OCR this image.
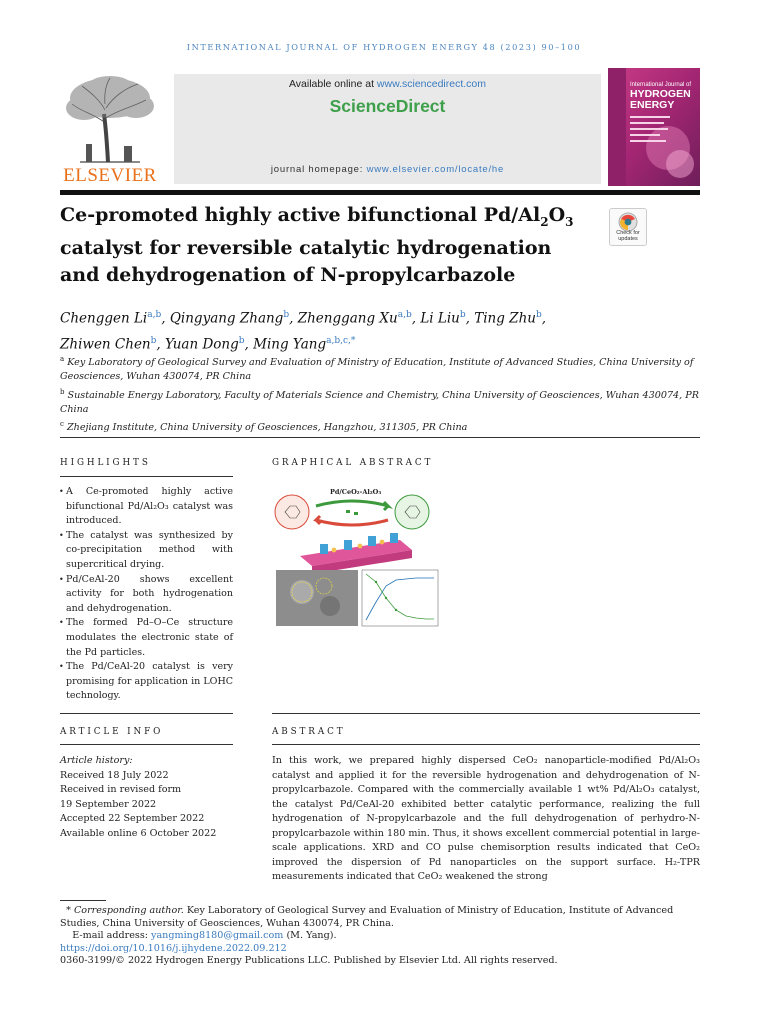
INTERNATIONAL JOURNAL OF HYDROGEN ENERGY 48 (2023) 90–100
ELSEVIER
Available online at www.sciencedirect.com
ScienceDirect
journal homepage: www.elsevier.com/locate/he
International Journal of
HYDROGEN
ENERGY
Ce-promoted highly active bifunctional $Pd/Al_2O_3$ catalyst for reversible catalytic hydrogenation and dehydrogenation of N-propylcarbazole
Check for updates
Chenggen Li$^{a,b}$, Qingyang Zhang$^b$, Zhenggang Xu$^{a,b}$, Li Liu$^b$, Ting Zhu$^b$,
Zhiwen Chen$^b$, Yuan Dong$^b$, Ming Yang$^{a,b,c,*}$
$^a$ Key Laboratory of Geological Survey and Evaluation of Ministry of Education, Institute of Advanced Studies, China University of Geosciences, Wuhan 430074, PR China
$^b$ Sustainable Energy Laboratory, Faculty of Materials Science and Chemistry, China University of Geosciences, Wuhan 430074, PR China
$^c$ Zhejiang Institute, China University of Geosciences, Hangzhou, 311305, PR China
HIGHLIGHTS
• A Ce-promoted highly active bifunctional Pd/Al₂O₃ catalyst was introduced.
• The catalyst was synthesized by co-precipitation method with supercritical drying.
• Pd/CeAl-20 shows excellent activity for both hydrogenation and dehydrogenation.
• The formed Pd–O–Ce structure modulates the electronic state of the Pd particles.
• The Pd/CeAl-20 catalyst is very promising for application in LOHC technology.
GRAPHICAL ABSTRACT
Pd/CeO₂-Al₂O₃
ARTICLE INFO
Article history:
Received 18 July 2022
Received in revised form
19 September 2022
Accepted 22 September 2022
Available online 6 October 2022
ABSTRACT
In this work, we prepared highly dispersed CeO₂ nanoparticle-modified Pd/Al₂O₃ catalyst and applied it for the reversible hydrogenation and dehydrogenation of N-propylcarbazole. Compared with the commercially available 1 wt% Pd/Al₂O₃ catalyst, the catalyst Pd/CeAl-20 exhibited better catalytic performance, realizing the full hydrogenation of N-propylcarbazole and the full dehydrogenation of perhydro-N-propylcarbazole within 180 min. Thus, it shows excellent commercial potential in large-scale applications. XRD and CO pulse chemisorption results indicated that CeO₂ improved the dispersion of Pd nanoparticles on the support surface. H₂-TPR measurements indicated that CeO₂ weakened the strong
* Corresponding author. Key Laboratory of Geological Survey and Evaluation of Ministry of Education, Institute of Advanced Studies, China University of Geosciences, Wuhan 430074, PR China.
E-mail address: yangming8180@gmail.com (M. Yang).
https://doi.org/10.1016/j.ijhydene.2022.09.212
0360-3199/© 2022 Hydrogen Energy Publications LLC. Published by Elsevier Ltd. All rights reserved.
